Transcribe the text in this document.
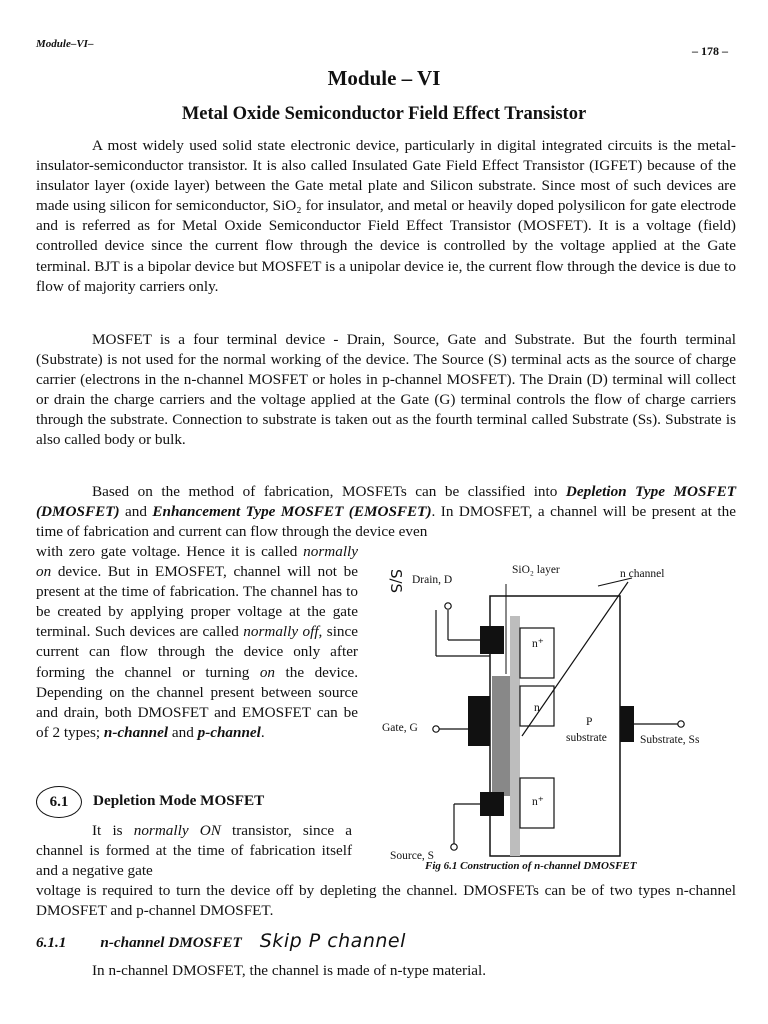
Module–VI–	– 178 –
Module – VI
Metal Oxide Semiconductor Field Effect Transistor

A most widely used solid state electronic device, particularly in digital integrated circuits is the metal-insulator-semiconductor transistor. It is also called Insulated Gate Field Effect Transistor (IGFET) because of the insulator layer (oxide layer) between the Gate metal plate and Silicon substrate. Since most of such devices are made using silicon for semiconductor, SiO₂ for insulator, and metal or heavily doped polysilicon for gate electrode and is referred as for Metal Oxide Semiconductor Field Effect Transistor (MOSFET). It is a voltage (field) controlled device since the current flow through the device is controlled by the voltage applied at the Gate terminal. BJT is a bipolar device but MOSFET is a unipolar device ie, the current flow through the device is due to flow of majority carriers only.

MOSFET is a four terminal device - Drain, Source, Gate and Substrate. But the fourth terminal (Substrate) is not used for the normal working of the device. The Source (S) terminal acts as the source of charge carrier (electrons in the n-channel MOSFET or holes in p-channel MOSFET). The Drain (D) terminal will collect or drain the charge carriers and the voltage applied at the Gate (G) terminal controls the flow of charge carriers through the substrate. Connection to substrate is taken out as the fourth terminal called Substrate (Ss). Substrate is also called body or bulk.

Based on the method of fabrication, MOSFETs can be classified into Depletion Type MOSFET (DMOSFET) and Enhancement Type MOSFET (EMOSFET). In DMOSFET, a channel will be present at the time of fabrication and current can flow through the device even

with zero gate voltage. Hence it is called normally on device. But in EMOSFET, channel will not be present at the time of fabrication. The channel has to be created by applying proper voltage at the gate terminal. Such devices are called normally off, since current can flow through the device only after forming the channel or turning on the device. Depending on the channel present between source and drain, both DMOSFET and EMOSFET can be of 2 types; n-channel and p-channel.

Drain, D
S/S	SiO₂ layer	n channel
Gate, G	P
substrate	Substrate, Ss
Source, S
n⁺
n
n⁺
Fig 6.1 Construction of n-channel DMOSFET
6.1	Depletion Mode MOSFET

It is normally ON transistor, since a channel is formed at the time of fabrication itself and a negative gate

voltage is required to turn the device off by depleting the channel. DMOSFETs can be of two types n-channel DMOSFET and p-channel DMOSFET.

6.1.1 n-channel DMOSFET Skip P channel
In n-channel DMOSFET, the channel is made of n-type material.
